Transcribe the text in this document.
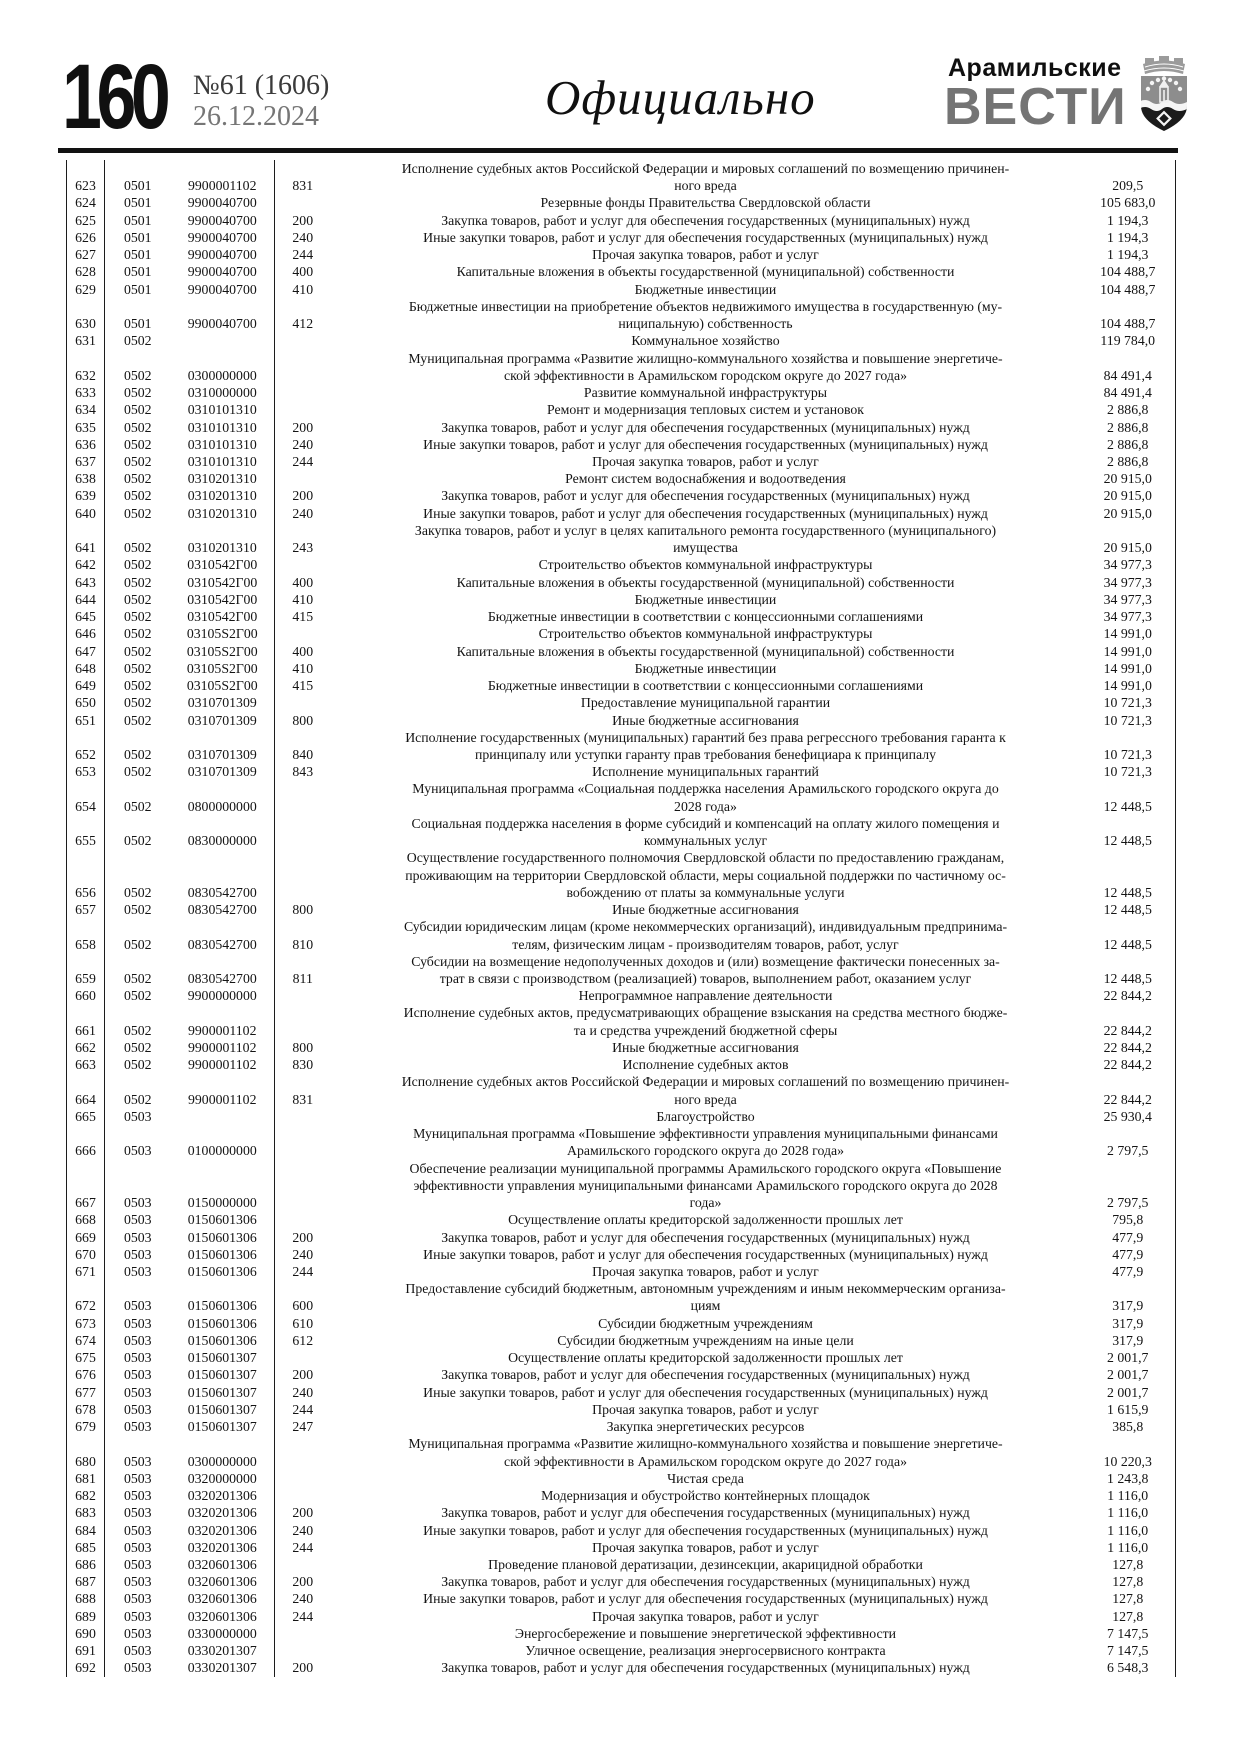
160 №61 (1606)
26.12.2024	Официально
Арамильские
ВЕСТИ
623	0501	9900001102	831	Исполнение судебных актов Российской Федерации и мировых соглашений по возмещению причинен-
ного вреда	209,5
624	0501	9900040700		Резервные фонды Правительства Свердловской области	105 683,0
625	0501	9900040700	200	Закупка товаров, работ и услуг для обеспечения государственных (муниципальных) нужд	1 194,3
626	0501	9900040700	240	Иные закупки товаров, работ и услуг для обеспечения государственных (муниципальных) нужд	1 194,3
627	0501	9900040700	244	Прочая закупка товаров, работ и услуг	1 194,3
628	0501	9900040700	400	Капитальные вложения в объекты государственной (муниципальной) собственности	104 488,7
629	0501	9900040700	410	Бюджетные инвестиции	104 488,7
630	0501	9900040700	412	Бюджетные инвестиции на приобретение объектов недвижимого имущества в государственную (му-
ниципальную) собственность	104 488,7
631	0502			Коммунальное хозяйство	119 784,0
632	0502	0300000000		Муниципальная программа «Развитие жилищно-коммунального хозяйства и повышение энергетиче-
ской эффективности в Арамильском городском округе до 2027 года»	84 491,4
633	0502	0310000000		Развитие коммунальной инфраструктуры	84 491,4
634	0502	0310101310		Ремонт и модернизация тепловых систем и установок	2 886,8
635	0502	0310101310	200	Закупка товаров, работ и услуг для обеспечения государственных (муниципальных) нужд	2 886,8
636	0502	0310101310	240	Иные закупки товаров, работ и услуг для обеспечения государственных (муниципальных) нужд	2 886,8
637	0502	0310101310	244	Прочая закупка товаров, работ и услуг	2 886,8
638	0502	0310201310		Ремонт систем водоснабжения и водоотведения	20 915,0
639	0502	0310201310	200	Закупка товаров, работ и услуг для обеспечения государственных (муниципальных) нужд	20 915,0
640	0502	0310201310	240	Иные закупки товаров, работ и услуг для обеспечения государственных (муниципальных) нужд	20 915,0
641	0502	0310201310	243	Закупка товаров, работ и услуг в целях капитального ремонта государственного (муниципального)
имущества	20 915,0
642	0502	0310542Г00		Строительство объектов коммунальной инфраструктуры	34 977,3
643	0502	0310542Г00	400	Капитальные вложения в объекты государственной (муниципальной) собственности	34 977,3
644	0502	0310542Г00	410	Бюджетные инвестиции	34 977,3
645	0502	0310542Г00	415	Бюджетные инвестиции в соответствии с концессионными соглашениями	34 977,3
646	0502	03105S2Г00		Строительство объектов коммунальной инфраструктуры	14 991,0
647	0502	03105S2Г00	400	Капитальные вложения в объекты государственной (муниципальной) собственности	14 991,0
648	0502	03105S2Г00	410	Бюджетные инвестиции	14 991,0
649	0502	03105S2Г00	415	Бюджетные инвестиции в соответствии с концессионными соглашениями	14 991,0
650	0502	0310701309		Предоставление муниципальной гарантии	10 721,3
651	0502	0310701309	800	Иные бюджетные ассигнования	10 721,3
652	0502	0310701309	840	Исполнение государственных (муниципальных) гарантий без права регрессного требования гаранта к
принципалу или уступки гаранту прав требования бенефициара к принципалу	10 721,3
653	0502	0310701309	843	Исполнение муниципальных гарантий	10 721,3
654	0502	0800000000		Муниципальная программа «Социальная поддержка населения Арамильского городского округа до
2028 года»	12 448,5
655	0502	0830000000		Социальная поддержка населения в форме субсидий и компенсаций на оплату жилого помещения и
коммунальных услуг	12 448,5
656	0502	0830542700		Осуществление государственного полномочия Свердловской области по предоставлению гражданам,
проживающим на территории Свердловской области, меры социальной поддержки по частичному ос-
вобождению от платы за коммунальные услуги	12 448,5
657	0502	0830542700	800	Иные бюджетные ассигнования	12 448,5
658	0502	0830542700	810	Субсидии юридическим лицам (кроме некоммерческих организаций), индивидуальным предпринима-
телям, физическим лицам - производителям товаров, работ, услуг	12 448,5
659	0502	0830542700	811	Субсидии на возмещение недополученных доходов и (или) возмещение фактически понесенных за-
трат в связи с производством (реализацией) товаров, выполнением работ, оказанием услуг	12 448,5
660	0502	9900000000		Непрограммное направление деятельности	22 844,2
661	0502	9900001102		Исполнение судебных актов, предусматривающих обращение взыскания на средства местного бюдже-
та и средства учреждений бюджетной сферы	22 844,2
662	0502	9900001102	800	Иные бюджетные ассигнования	22 844,2
663	0502	9900001102	830	Исполнение судебных актов	22 844,2
664	0502	9900001102	831	Исполнение судебных актов Российской Федерации и мировых соглашений по возмещению причинен-
ного вреда	22 844,2
665	0503			Благоустройство	25 930,4
666	0503	0100000000		Муниципальная программа «Повышение эффективности управления муниципальными финансами
Арамильского городского округа до 2028 года»	2 797,5
667	0503	0150000000		Обеспечение реализации муниципальной программы Арамильского городского округа «Повышение
эффективности управления муниципальными финансами Арамильского городского округа до 2028
года»	2 797,5
668	0503	0150601306		Осуществление оплаты кредиторской задолженности прошлых лет	795,8
669	0503	0150601306	200	Закупка товаров, работ и услуг для обеспечения государственных (муниципальных) нужд	477,9
670	0503	0150601306	240	Иные закупки товаров, работ и услуг для обеспечения государственных (муниципальных) нужд	477,9
671	0503	0150601306	244	Прочая закупка товаров, работ и услуг	477,9
672	0503	0150601306	600	Предоставление субсидий бюджетным, автономным учреждениям и иным некоммерческим организа-
циям	317,9
673	0503	0150601306	610	Субсидии бюджетным учреждениям	317,9
674	0503	0150601306	612	Субсидии бюджетным учреждениям на иные цели	317,9
675	0503	0150601307		Осуществление оплаты кредиторской задолженности прошлых лет	2 001,7
676	0503	0150601307	200	Закупка товаров, работ и услуг для обеспечения государственных (муниципальных) нужд	2 001,7
677	0503	0150601307	240	Иные закупки товаров, работ и услуг для обеспечения государственных (муниципальных) нужд	2 001,7
678	0503	0150601307	244	Прочая закупка товаров, работ и услуг	1 615,9
679	0503	0150601307	247	Закупка энергетических ресурсов	385,8
680	0503	0300000000		Муниципальная программа «Развитие жилищно-коммунального хозяйства и повышение энергетиче-
ской эффективности в Арамильском городском округе до 2027 года»	10 220,3
681	0503	0320000000		Чистая среда	1 243,8
682	0503	0320201306		Модернизация и обустройство контейнерных площадок	1 116,0
683	0503	0320201306	200	Закупка товаров, работ и услуг для обеспечения государственных (муниципальных) нужд	1 116,0
684	0503	0320201306	240	Иные закупки товаров, работ и услуг для обеспечения государственных (муниципальных) нужд	1 116,0
685	0503	0320201306	244	Прочая закупка товаров, работ и услуг	1 116,0
686	0503	0320601306		Проведение плановой дератизации, дезинсекции, акарицидной обработки	127,8
687	0503	0320601306	200	Закупка товаров, работ и услуг для обеспечения государственных (муниципальных) нужд	127,8
688	0503	0320601306	240	Иные закупки товаров, работ и услуг для обеспечения государственных (муниципальных) нужд	127,8
689	0503	0320601306	244	Прочая закупка товаров, работ и услуг	127,8
690	0503	0330000000		Энергосбережение и повышение энергетической эффективности	7 147,5
691	0503	0330201307		Уличное освещение, реализация энергосервисного контракта	7 147,5
692	0503	0330201307	200	Закупка товаров, работ и услуг для обеспечения государственных (муниципальных) нужд	6 548,3
